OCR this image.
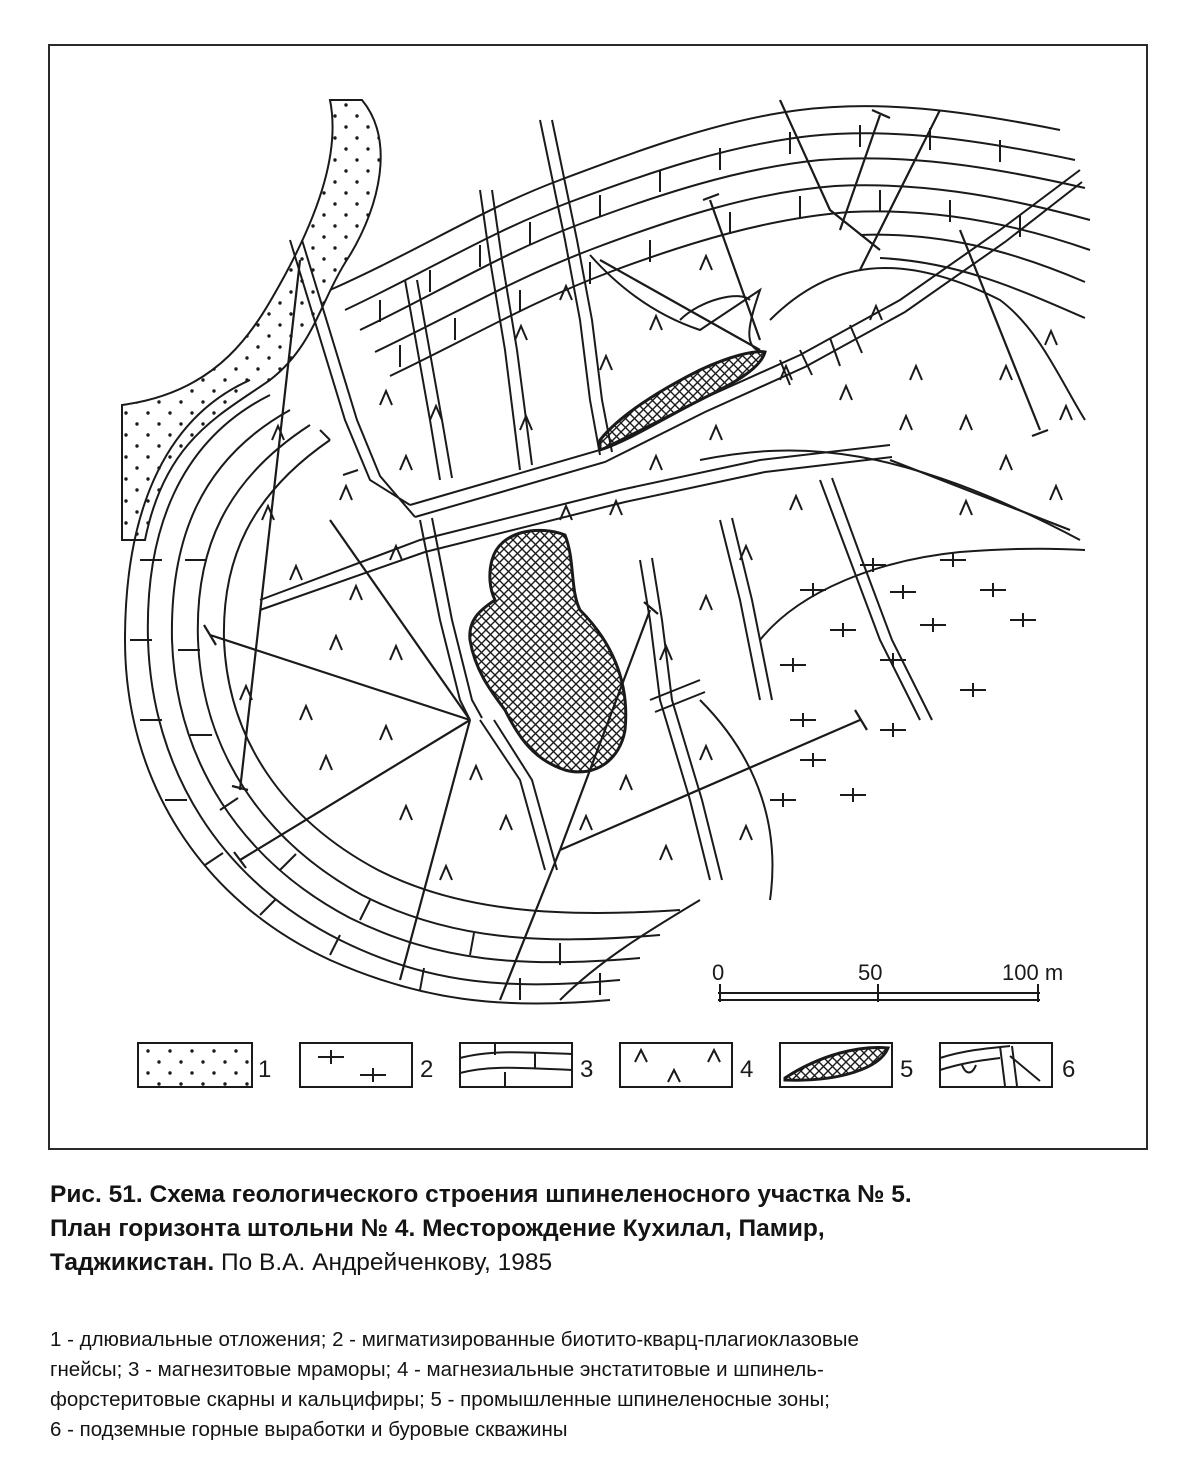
0	50	100 m
1	2	3	4	5	6
Рис. 51. Схема геологического строения шпинеленосного участка № 5.
План горизонта штольни № 4. Месторождение Кухилал, Памир,
Таджикистан. По В.А. Андрейченкову, 1985
1 - длювиальные отложения; 2 - мигматизированные биотито-кварц-плагиоклазовые
гнейсы; 3 - магнезитовые мраморы; 4 - магнезиальные энстатитовые и шпинель-
форстеритовые скарны и кальцифиры; 5 - промышленные шпинеленосные зоны;
6 - подземные горные выработки и буровые скважины
